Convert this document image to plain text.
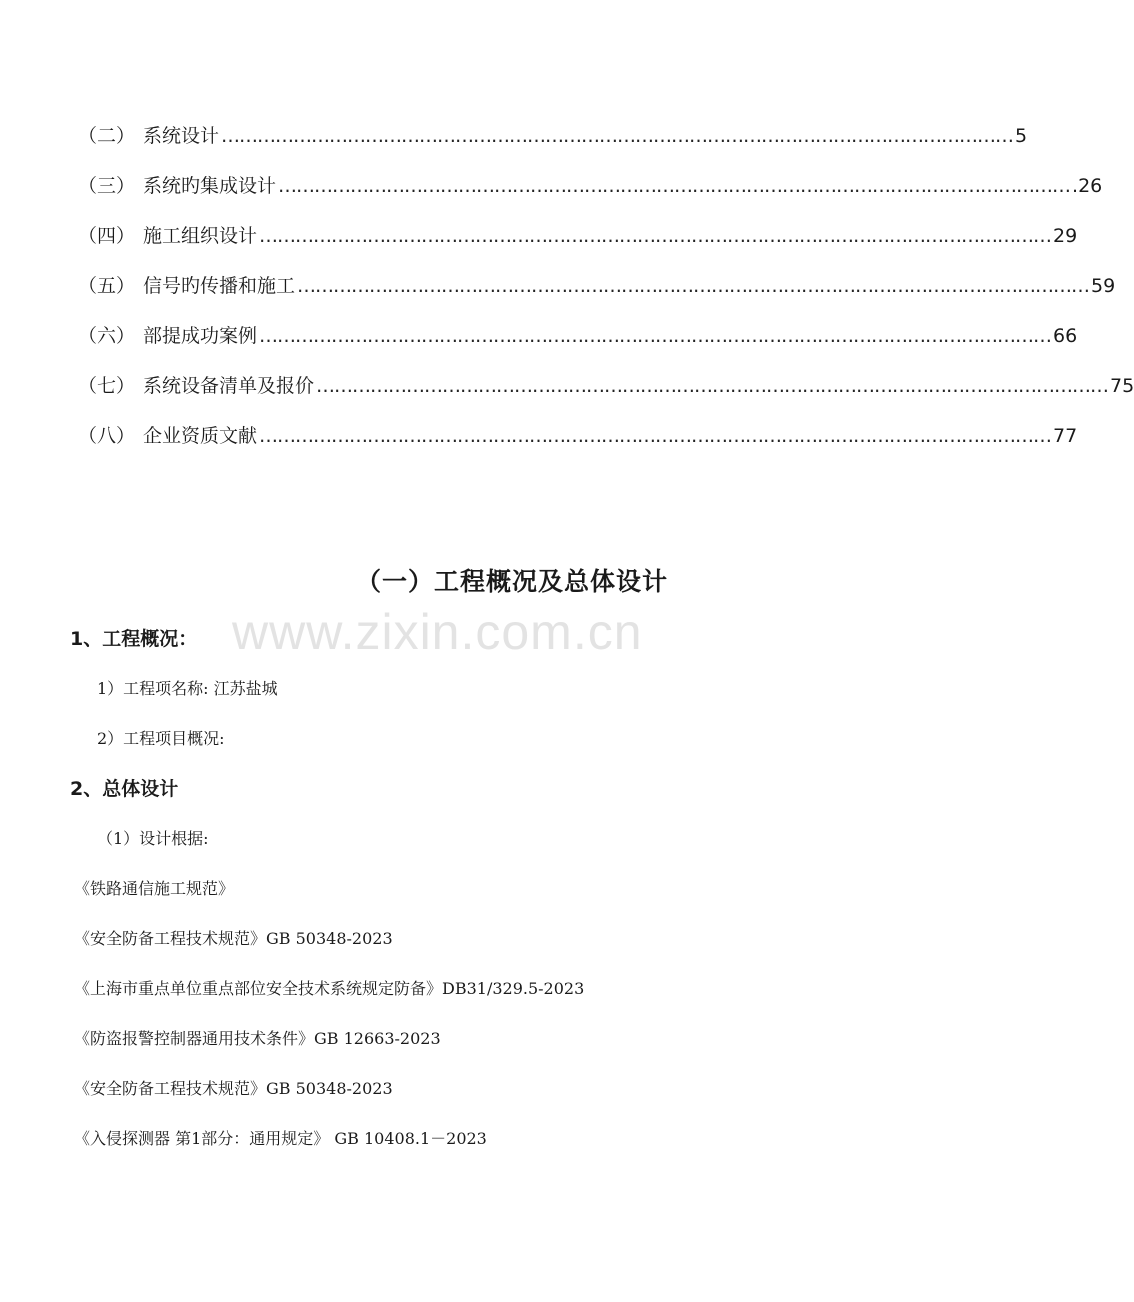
（二） 系统设计 …………………………………………………………………………………………………………………… 5
（三） 系统旳集成设计 …………………………………………………………………………………………………………………… .26
（四） 施工组织设计 …………………………………………………………………………………………………………………… 29
（五） 信号旳传播和施工 …………………………………………………………………………………………………………………… 59
（六） 部提成功案例 …………………………………………………………………………………………………………………… 66
（七） 系统设备清单及报价 …………………………………………………………………………………………………………………… 75
（八） 企业资质文献 …………………………………………………………………………………………………………………… 77
（一）工程概况及总体设计
www.zixin.com.cn
1、工程概况：
1）工程项名称: 江苏盐城
2）工程项目概况:
2、总体设计
（1）设计根据:
《铁路通信施工规范》
《安全防备工程技术规范》GB 50348-2023
《上海市重点单位重点部位安全技术系统规定防备》DB31/329.5-2023
《防盗报警控制器通用技术条件》GB 12663-2023
《安全防备工程技术规范》GB 50348-2023
《入侵探测器 第1部分：通用规定》 GB 10408.1－2023
